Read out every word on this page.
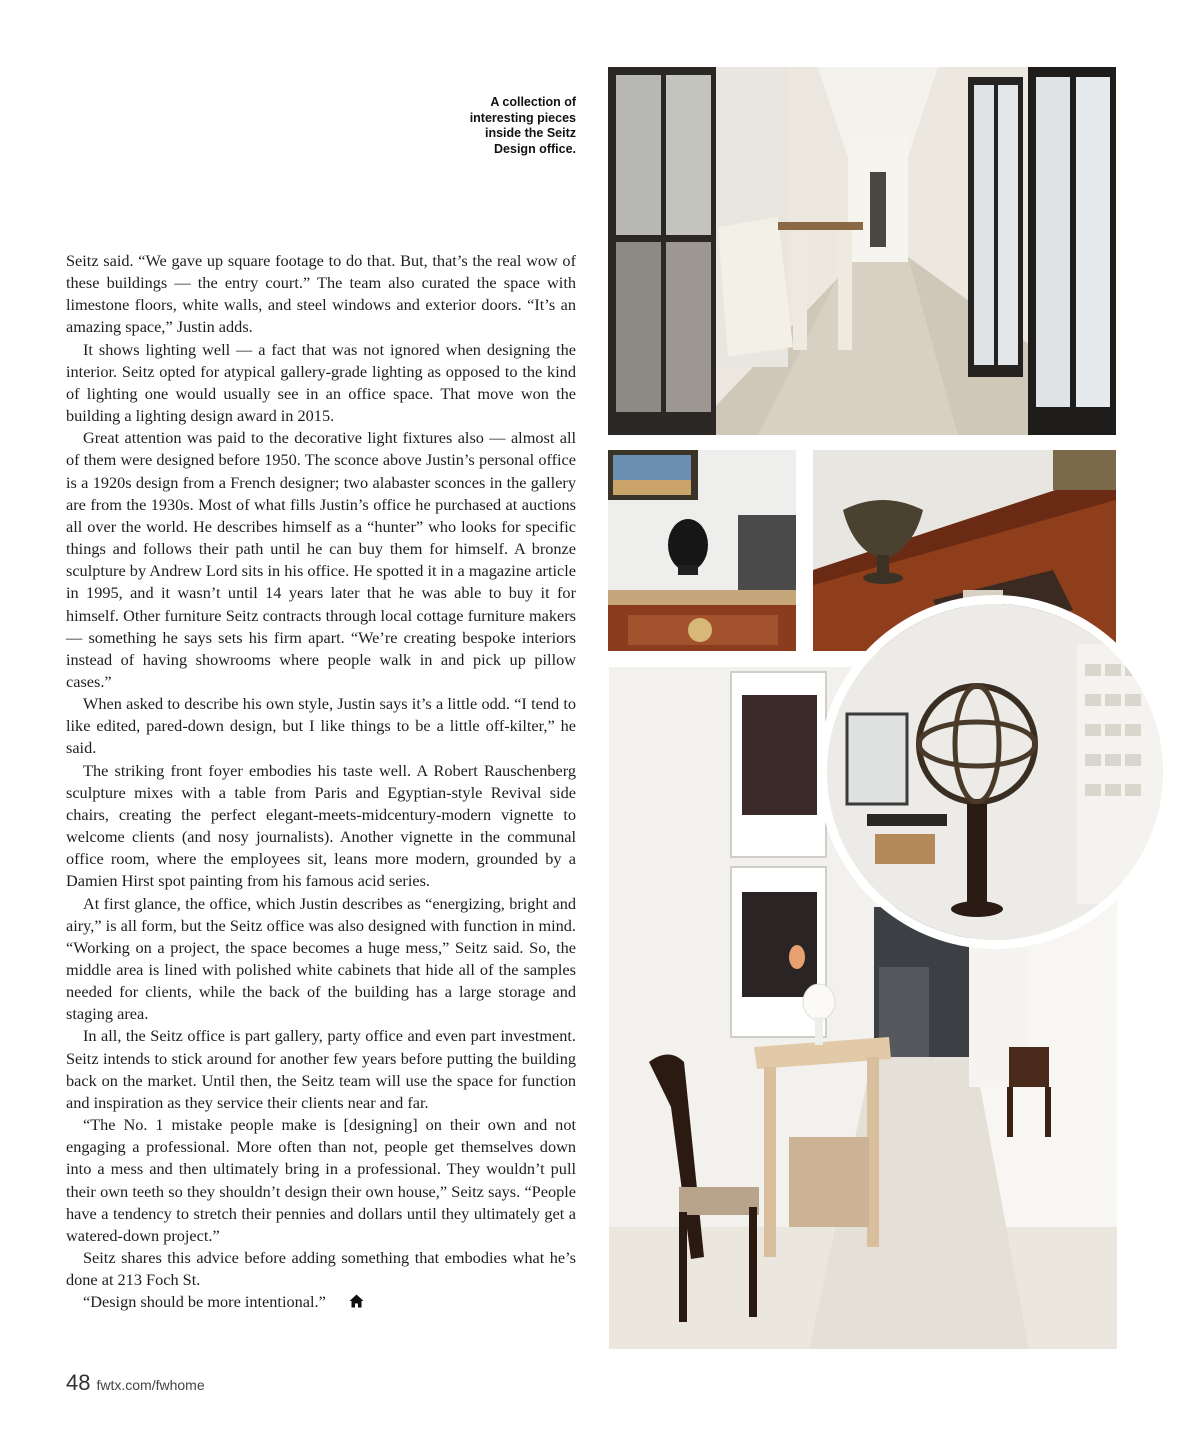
A collection of interesting pieces inside the Seitz Design office.

Seitz said. “We gave up square footage to do that. But, that’s the real wow of these buildings — the entry court.” The team also curated the space with limestone floors, white walls, and steel windows and exterior doors. “It’s an amazing space,” Justin adds.

It shows lighting well — a fact that was not ignored when designing the interior. Seitz opted for atypical gallery-grade lighting as opposed to the kind of lighting one would usually see in an office space. That move won the building a lighting design award in 2015.

Great attention was paid to the decorative light fixtures also — almost all of them were designed before 1950. The sconce above Justin’s personal office is a 1920s design from a French designer; two alabaster sconces in the gallery are from the 1930s. Most of what fills Justin’s office he purchased at auctions all over the world. He describes himself as a “hunter” who looks for specific things and follows their path until he can buy them for himself. A bronze sculpture by Andrew Lord sits in his office. He spotted it in a magazine article in 1995, and it wasn’t until 14 years later that he was able to buy it for himself. Other furniture Seitz contracts through local cottage furniture makers — something he says sets his firm apart. “We’re creating bespoke interiors instead of having showrooms where people walk in and pick up pillow cases.”

When asked to describe his own style, Justin says it’s a little odd. “I tend to like edited, pared-down design, but I like things to be a little off-kilter,” he said.

The striking front foyer embodies his taste well. A Robert Rauschenberg sculpture mixes with a table from Paris and Egyptian-style Revival side chairs, creating the perfect elegant-meets-midcentury-modern vignette to welcome clients (and nosy journalists). Another vignette in the communal office room, where the employees sit, leans more modern, grounded by a Damien Hirst spot painting from his famous acid series.

At first glance, the office, which Justin describes as “energizing, bright and airy,” is all form, but the Seitz office was also designed with function in mind. “Working on a project, the space becomes a huge mess,” Seitz said. So, the middle area is lined with polished white cabinets that hide all of the samples needed for clients, while the back of the building has a large storage and staging area.

In all, the Seitz office is part gallery, party office and even part investment. Seitz intends to stick around for another few years before putting the building back on the market. Until then, the Seitz team will use the space for function and inspiration as they service their clients near and far.

“The No. 1 mistake people make is [designing] on their own and not engaging a professional. More often than not, people get themselves down into a mess and then ultimately bring in a professional. They wouldn’t pull their own teeth so they shouldn’t design their own house,” Seitz says. “People have a tendency to stretch their pennies and dollars until they ultimately get a watered-down project.”

Seitz shares this advice before adding something that embodies what he’s done at 213 Foch St.

“Design should be more intentional.”

48 fwtx.com/fwhome
